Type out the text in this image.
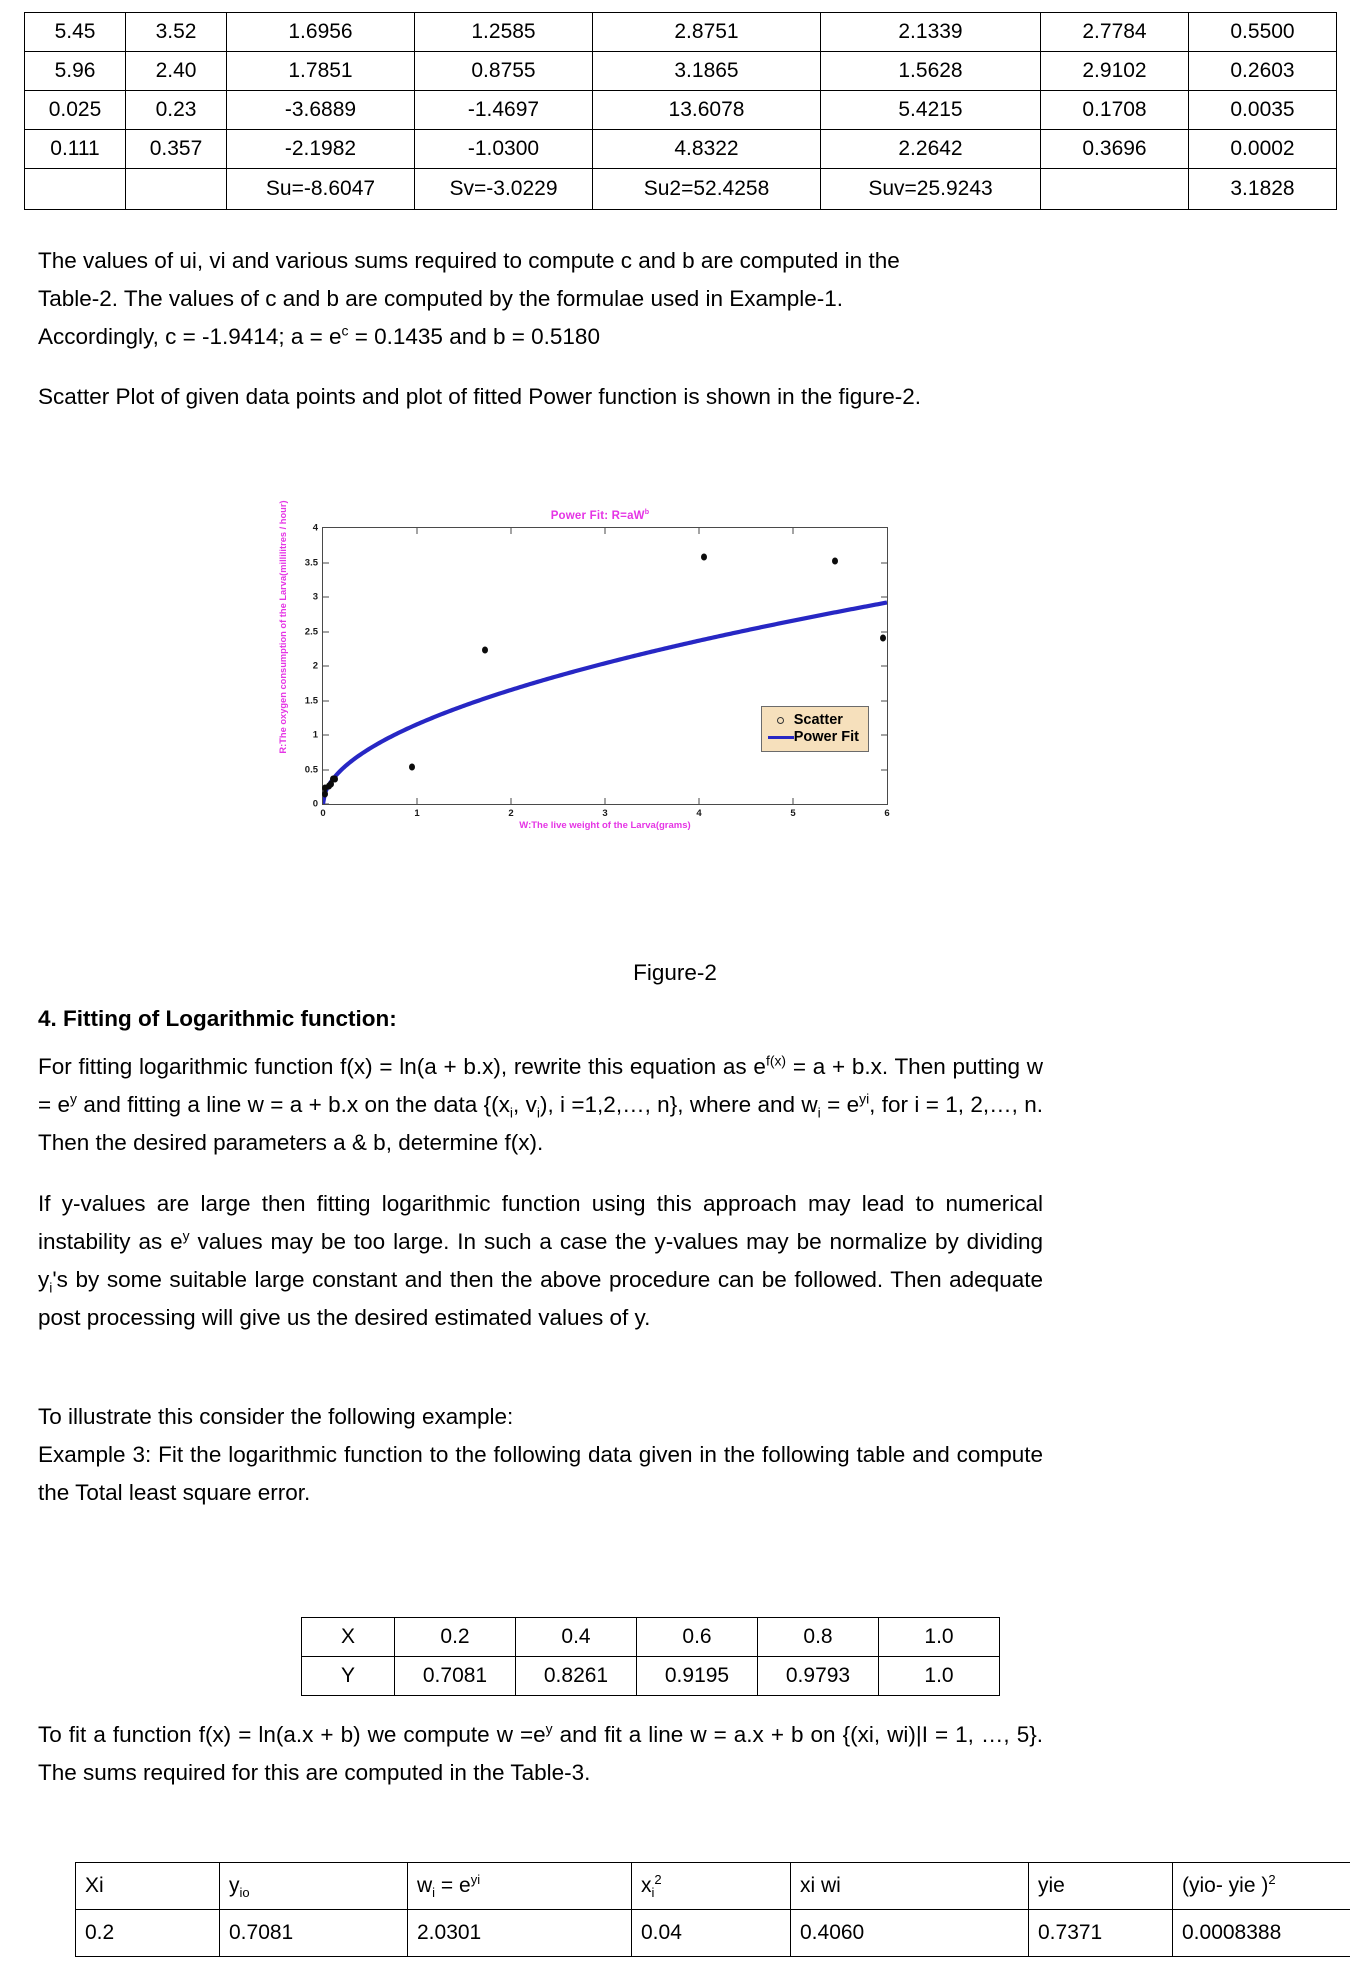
5.45	3.52	1.6956	1.2585	2.8751	2.1339	2.7784	0.5500
5.96	2.40	1.7851	0.8755	3.1865	1.5628	2.9102	0.2603
0.025	0.23	-3.6889	-1.4697	13.6078	5.4215	0.1708	0.0035
0.111	0.357	-2.1982	-1.0300	4.8322	2.2642	0.3696	0.0002
		Su=-8.6047	Sv=-3.0229	Su2=52.4258	Suv=25.9243		3.1828
The values of ui, vi and various sums required to compute c and b are computed in the
Table-2. The values of c and b are computed by the formulae used in Example-1.
Accordingly, c = -1.9414; $a = e^c = 0.1435$ and b = 0.5180
Scatter Plot of given data points and plot of fitted Power function is shown in the figure-2.
Power Fit: $R=aW^b$
R:The oxygen consumption of the Larva(millilitres / hour)
0
0.5
1
1.5
2
2.5
3
3.5
4
0	1	2	3	4	5	6
Scatter
Power Fit
W:The live weight of the Larva(grams)
Figure-2
4. Fitting of Logarithmic function:
For fitting logarithmic function f(x) = ln(a + b.x), rewrite this equation as $e^{f(x)} = a + b.x$. Then putting $w = e^y$ and fitting a line w = a + b.x on the data {($x_i$, $v_i$), i =1,2,…, n}, where and $w_i = e^{yi}$, for i = 1, 2,…, n. Then the desired parameters a & b, determine f(x).
If y-values are large then fitting logarithmic function using this approach may lead to numerical instability as $e^y$ values may be too large. In such a case the y-values may be normalize by dividing $y_i's$ by some suitable large constant and then the above procedure can be followed. Then adequate post processing will give us the desired estimated values of y.
To illustrate this consider the following example:
Example 3: Fit the logarithmic function to the following data given in the following table and compute the Total least square error.
X	0.2	0.4	0.6	0.8	1.0
Y	0.7081	0.8261	0.9195	0.9793	1.0
To fit a function f(x) = ln(a.x + b) we compute $w =e^y$ and fit a line w = a.x + b on {(xi, wi)|I = 1, …, 5}. The sums required for this are computed in the Table-3.
Xi	$y_{io}$	$w_i = e^{yi}$	$x_i^2$	xi wi	yie	(yio- yie )$^2$
0.2	0.7081	2.0301	0.04	0.4060	0.7371	0.0008388
